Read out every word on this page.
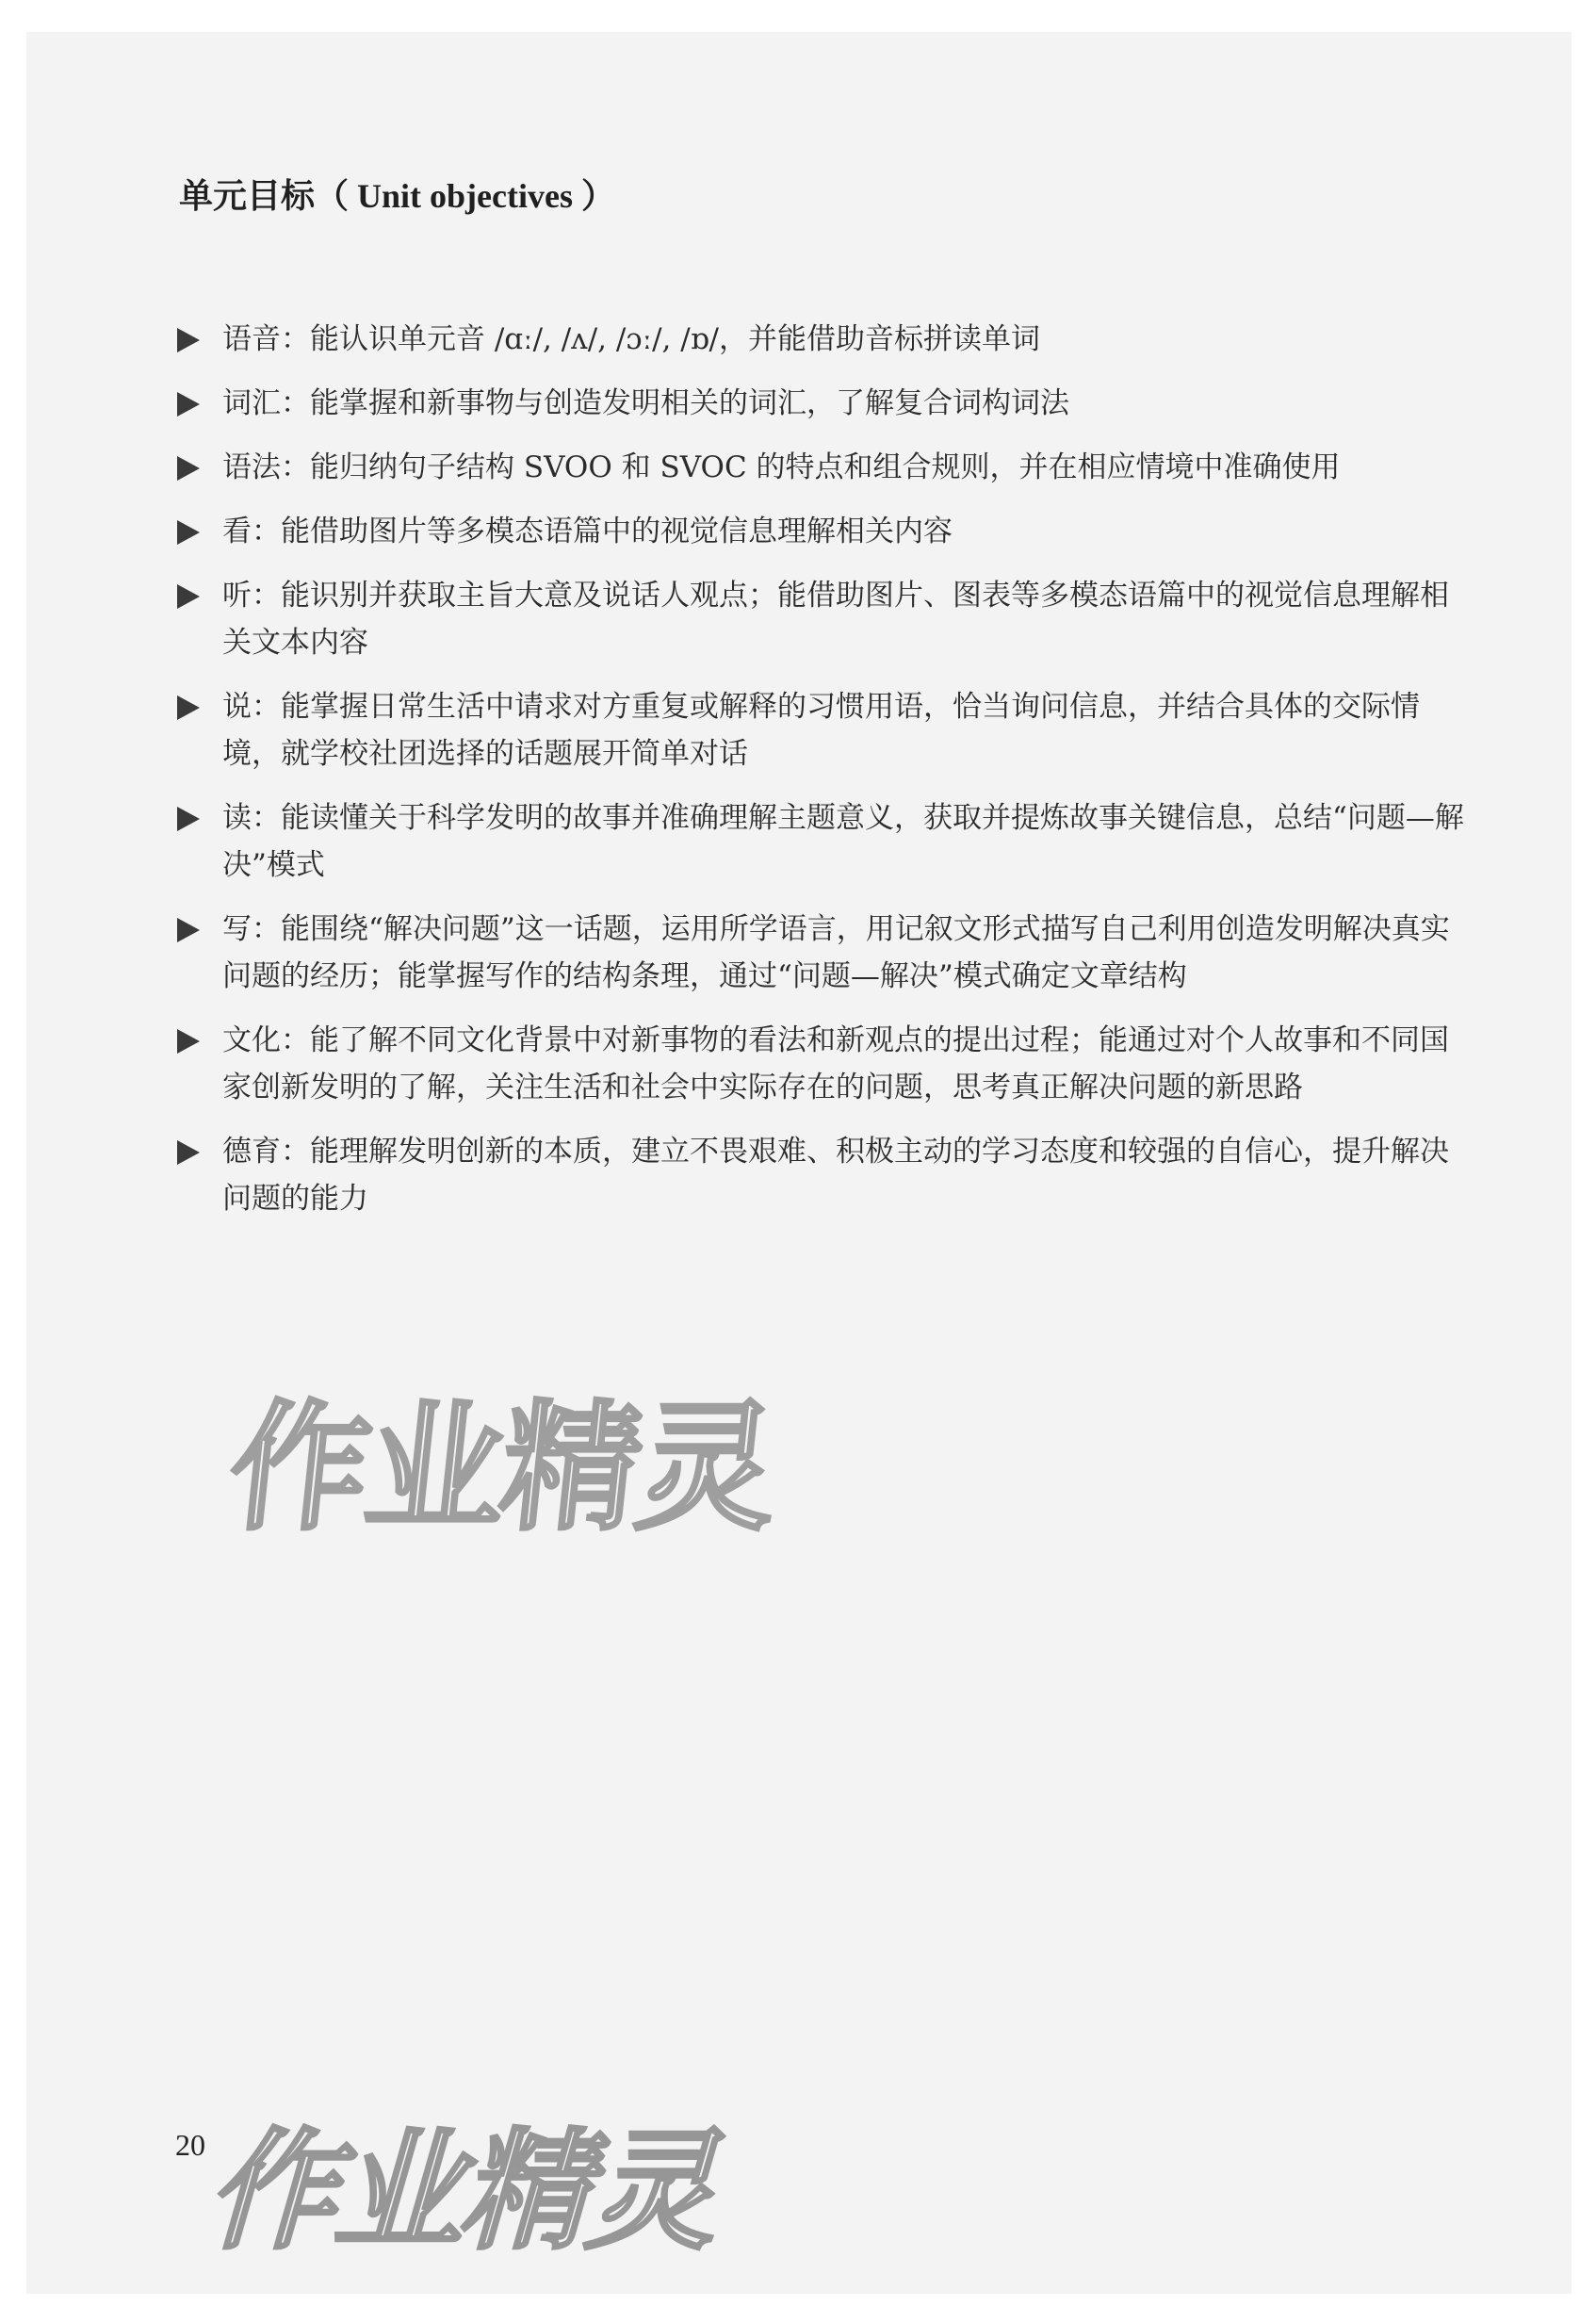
单元目标（ Unit objectives ）
语音：能认识单元音 /ɑː/, /ʌ/, /ɔː/, /ɒ/，并能借助音标拼读单词
词汇：能掌握和新事物与创造发明相关的词汇，了解复合词构词法
语法：能归纳句子结构 SVOO 和 SVOC 的特点和组合规则，并在相应情境中准确使用
看：能借助图片等多模态语篇中的视觉信息理解相关内容
听：能识别并获取主旨大意及说话人观点；能借助图片、图表等多模态语篇中的视觉信息理解相关文本内容
说：能掌握日常生活中请求对方重复或解释的习惯用语，恰当询问信息，并结合具体的交际情境，就学校社团选择的话题展开简单对话
读：能读懂关于科学发明的故事并准确理解主题意义，获取并提炼故事关键信息，总结“问题—解决”模式
写：能围绕“解决问题”这一话题，运用所学语言，用记叙文形式描写自己利用创造发明解决真实问题的经历；能掌握写作的结构条理，通过“问题—解决”模式确定文章结构
文化：能了解不同文化背景中对新事物的看法和新观点的提出过程；能通过对个人故事和不同国家创新发明的了解，关注生活和社会中实际存在的问题，思考真正解决问题的新思路
德育：能理解发明创新的本质，建立不畏艰难、积极主动的学习态度和较强的自信心，提升解决问题的能力
作业精灵
作业精灵
20
